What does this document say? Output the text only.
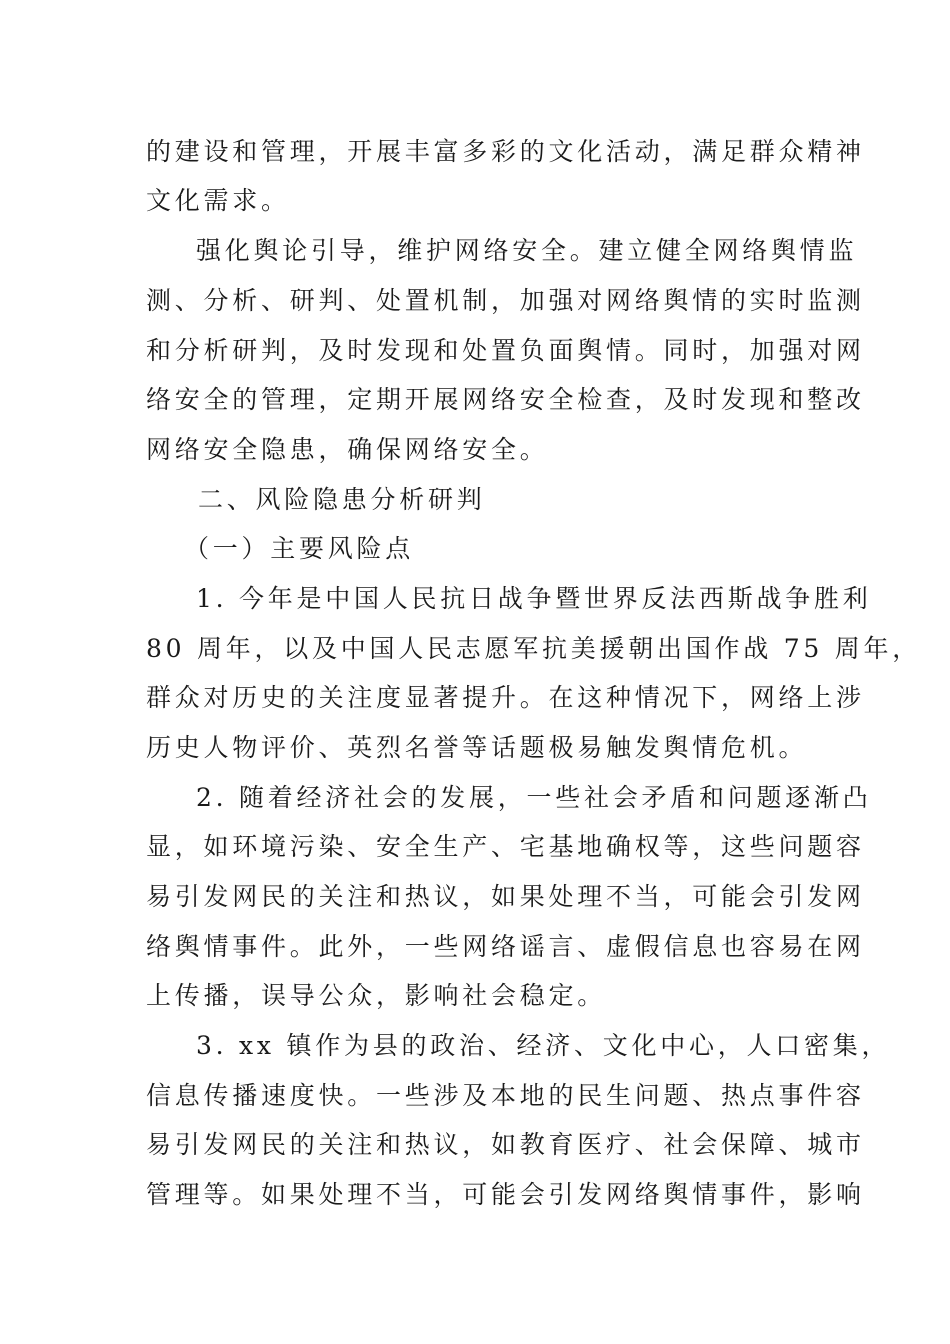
的建设和管理，开展丰富多彩的文化活动，满足群众精神
文化需求。
强化舆论引导，维护网络安全。建立健全网络舆情监
测、分析、研判、处置机制，加强对网络舆情的实时监测
和分析研判，及时发现和处置负面舆情。同时，加强对网
络安全的管理，定期开展网络安全检查，及时发现和整改
网络安全隐患，确保网络安全。
二、风险隐患分析研判
（一）主要风险点
1. 今年是中国人民抗日战争暨世界反法西斯战争胜利
80 周年，以及中国人民志愿军抗美援朝出国作战 75 周年，
群众对历史的关注度显著提升。在这种情况下，网络上涉
历史人物评价、英烈名誉等话题极易触发舆情危机。
2. 随着经济社会的发展，一些社会矛盾和问题逐渐凸
显，如环境污染、安全生产、宅基地确权等，这些问题容
易引发网民的关注和热议，如果处理不当，可能会引发网
络舆情事件。此外，一些网络谣言、虚假信息也容易在网
上传播，误导公众，影响社会稳定。
3. xx 镇作为县的政治、经济、文化中心，人口密集，
信息传播速度快。一些涉及本地的民生问题、热点事件容
易引发网民的关注和热议，如教育医疗、社会保障、城市
管理等。如果处理不当，可能会引发网络舆情事件，影响
